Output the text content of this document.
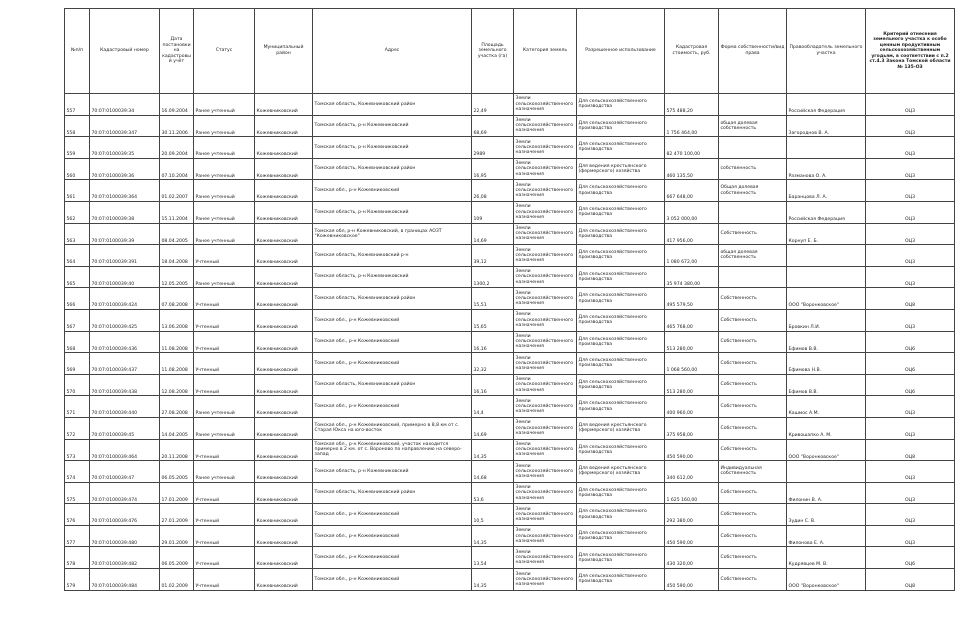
№п/п	Кадастровый номер	Дата постановки на кадастровый учёт	Статус	Муниципальный район	Адрес	Площадь земельного участка (га)	Категория земель	Разрешенное использование	Кадастровая стоимость, руб.	Форма собственности/вид права	Правообладатель земельного участка	Критерий отнесения земельного участка к особо ценным продуктивным сельскохозяйственным угодьям, в соответствии с п.2 ст.4.3 Закона Томской области № 135-ОЗ
557	70:07:0100039:34	16.09.2004	Ранее учтенный	Кожевниковский	Томская область, Кожевниковский район	22,49	Земли сельскохозяйственного назначения	Для сельскохозяйственного производства	575 488,20		Российская Федерация	ОЦ3
558	70:07:0100039:347	30.11.2006	Ранее учтенный	Кожевниковский	Томская область, р-н Кожевниковский	68,69	Земли сельскохозяйственного назначения	Для сельскохозяйственного производства	1 756 464,00	общая долевая собственность	Загороднов В. А.	ОЦ3
559	70:07:0100039:35	20.09.2004	Ранее учтенный	Кожевниковский	Томская область, р-н Кожевниковский	2989	Земли сельскохозяйственного назначения	Для сельскохозяйственного производства	82 470 100,00			ОЦ3
560	70:07:0100039:36	07.10.2004	Ранее учтенный	Кожевниковский	Томская область, Кожевниковский район	16,95	Земли сельскохозяйственного назначения	Для ведения крестьянского (фермерского) хозяйства	460 135,50	собственность	Разманова О. А.	ОЦ3
561	70:07:0100039:364	01.02.2007	Ранее учтенный	Кожевниковский	Томская обл., р-н Кожевниковский	26,08	Земли сельскохозяйственного назначения	Для сельскохозяйственного производства	667 648,00	Общая долевая собственность	Баранцова Л. А.	ОЦ3
562	70:07:0100039:38	15.11.2004	Ранее учтенный	Кожевниковский	Томская область, р-н Кожевниковский	109	Земли сельскохозяйственного назначения	Для сельскохозяйственного производства	3 052 000,00		Российская Федерация	ОЦ3
563	70:07:0100039:39	08.04.2005	Ранее учтенный	Кожевниковский	Томская обл, р-н Кожевниковский, в границах АОЗТ "Кожевниковское"	14,69	Земли сельскохозяйственного назначения	Для сельскохозяйственного производства	417 956,00	Собственность	Корнуп Е. Б.	ОЦ3
564	70:07:0100039:391	18.04.2008	Учтенный	Кожевниковский	Томская область, Кожевниковский р-н	39,12	Земли сельскохозяйственного назначения	Для сельскохозяйственного производства	1 080 672,00	общая долевая собственность		ОЦ3
565	70:07:0100039:40	12.05.2005	Ранее учтенный	Кожевниковский	Томская область, р-н Кожевниковский	1300,2	Земли сельскохозяйственного назначения	Для сельскохозяйственного производства	35 974 380,00			ОЦ3
566	70:07:0100039:424	07.08.2008	Учтенный	Кожевниковский	Томская область, Кожевниковский район	15,51	Земли сельскохозяйственного назначения	Для сельскохозяйственного производства	495 579,50	Собственность	ООО "Воронковское"	ОЦ8
567	70:07:0100039:425	13.06.2008	Учтенный	Кожевниковский	Томская обл., р-н Кожевниковский	15,65	Земли сельскохозяйственного назначения	Для сельскохозяйственного производства	465 768,00	Собственность	Бровкин Л.И.	ОЦ3
568	70:07:0100039:436	11.08.2008	Учтенный	Кожевниковский	Томская обл., р-н Кожевниковский	16,16	Земли сельскохозяйственного назначения	Для сельскохозяйственного производства	513 280,00	Собственность	Ефимов В.В.	ОЦ6
569	70:07:0100039:437	11.08.2008	Учтенный	Кожевниковский	Томская обл., р-н Кожевниковский	32,32	Земли сельскохозяйственного назначения	Для сельскохозяйственного производства	1 068 560,00	Собственность	Ефимова Н.В.	ОЦ6
570	70:07:0100039:438	12.08.2008	Учтенный	Кожевниковский	Томская область, Кожевниковский район	16,16	Земли сельскохозяйственного назначения	Для сельскохозяйственного производства	513 280,00	Собственность	Ефимов В.В.	ОЦ6
571	70:07:0100039:440	27.08.2008	Ранее учтенный	Кожевниковский	Томская обл., р-н Кожевниковский	14,4	Земли сельскохозяйственного назначения	Для сельскохозяйственного производства	400 960,00	Собственность	Кашмос А.М.	ОЦ3
572	70:07:0100039:45	14.04.2005	Ранее учтенный	Кожевниковский	Томская обл., р-н Кожевниковский, примерно в 8,8 км от с. Старая Юкса на юго-восток	14,69	Земли сельскохозяйственного назначения	Для ведения крестьянского (фермерского) хозяйства	375 958,00	Собственность	Кривошапко А. М.	ОЦ3
573	70:07:0100039:464	20.11.2008	Учтенный	Кожевниковский	Томская обл., р-н Кожевниковский, участок находится примерно в 2 км. от с. Вороново по направлению на северо-запад	14,35	Земли сельскохозяйственного назначения	Для сельскохозяйственного производства	450 590,00	Собственность	ООО "Воронковское"	ОЦ8
574	70:07:0100039:47	06.05.2005	Ранее учтенный	Кожевниковский	Томская область, р-н Кожевниковский	14,68	Земли сельскохозяйственного назначения	Для ведения крестьянского (фермерского) хозяйства	340 612,00	Индивидуальная собственность		ОЦ3
575	70:07:0100039:474	17.01.2009	Учтенный	Кожевниковский	Томская область, Кожевниковский район	53,6	Земли сельскохозяйственного назначения	Для сельскохозяйственного производства	1 625 160,00	Собственность	Филонин В. А.	ОЦ3
576	70:07:0100039:476	27.01.2009	Учтенный	Кожевниковский	Томская обл., р-н Кожевниковский	10,5	Земли сельскохозяйственного назначения	Для сельскохозяйственного производства	292 380,00	Собственность	Зудин С. В.	ОЦ3
577	70:07:0100039:480	29.01.2009	Учтенный	Кожевниковский	Томская обл., р-н Кожевниковский	14,35	Земли сельскохозяйственного назначения	Для сельскохозяйственного производства	450 590,00	Собственность	Филонова Е. А.	ОЦ3
578	70:07:0100039:482	06.05.2009	Учтенный	Кожевниковский	Томская обл., р-н Кожевниковский	13,54	Земли сельскохозяйственного назначения	Для сельскохозяйственного производства	430 320,00	Собственность	Кудрявцев М. В.	ОЦ6
579	70:07:0100039:484	01.02.2009	Учтенный	Кожевниковский	Томская обл., р-н Кожевниковский	14,35	Земли сельскохозяйственного назначения	Для сельскохозяйственного производства	450 590,00	Собственность	ООО "Воронковское"	ОЦ8
